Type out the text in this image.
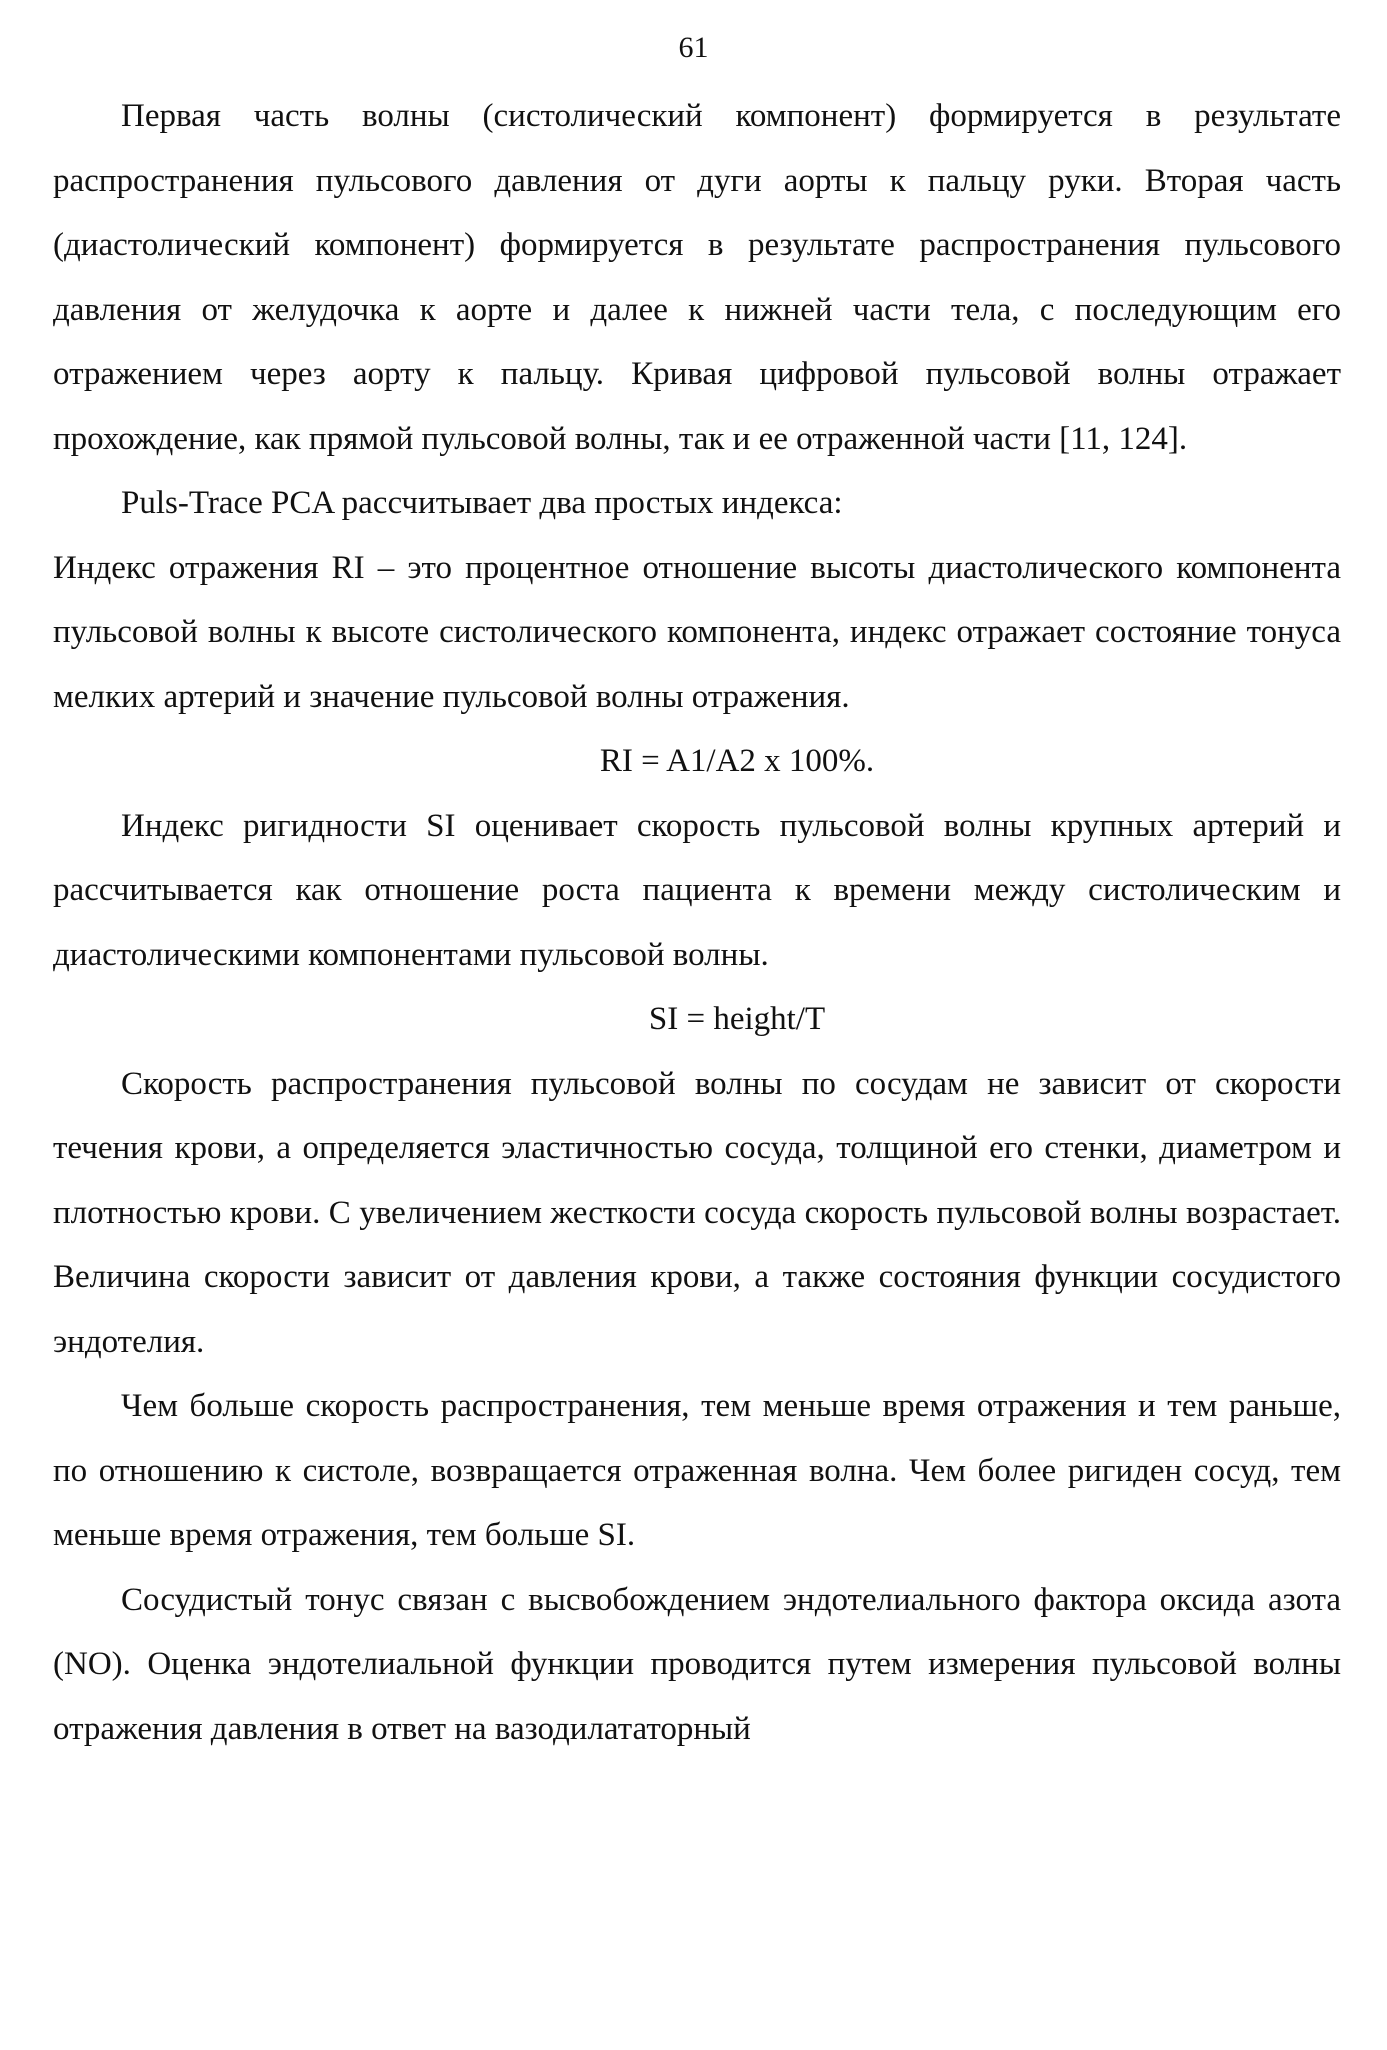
61

Первая часть волны (систолический компонент) формируется в результате распространения пульсового давления от дуги аорты к пальцу руки. Вторая часть (диастолический компонент) формируется в результате распространения пульсового давления от желудочка к аорте и далее к нижней части тела, с последующим его отражением через аорту к пальцу. Кривая цифровой пульсовой волны отражает прохождение, как прямой пульсовой волны, так и ее отраженной части [11, 124].

Puls-Trace PCA рассчитывает два простых индекса:

Индекс отражения RI – это процентное отношение высоты диастолического компонента пульсовой волны к высоте систолического компонента, индекс отражает состояние тонуса мелких артерий и значение пульсовой волны отражения.

RI = A1/A2 x 100%.

Индекс ригидности SI оценивает скорость пульсовой волны крупных артерий и рассчитывается как отношение роста пациента к времени между систолическим и диастолическими компонентами пульсовой волны.

SI = height/T

Скорость распространения пульсовой волны по сосудам не зависит от скорости течения крови, а определяется эластичностью сосуда, толщиной его стенки, диаметром и плотностью крови. С увеличением жесткости сосуда скорость пульсовой волны возрастает. Величина скорости зависит от давления крови, а также состояния функции сосудистого эндотелия.

Чем больше скорость распространения, тем меньше время отражения и тем раньше, по отношению к систоле, возвращается отраженная волна. Чем более ригиден сосуд, тем меньше время отражения, тем больше SI.

Сосудистый тонус связан с высвобождением эндотелиального фактора оксида азота (NO). Оценка эндотелиальной функции проводится путем измерения пульсовой волны отражения давления в ответ на вазодилататорный
